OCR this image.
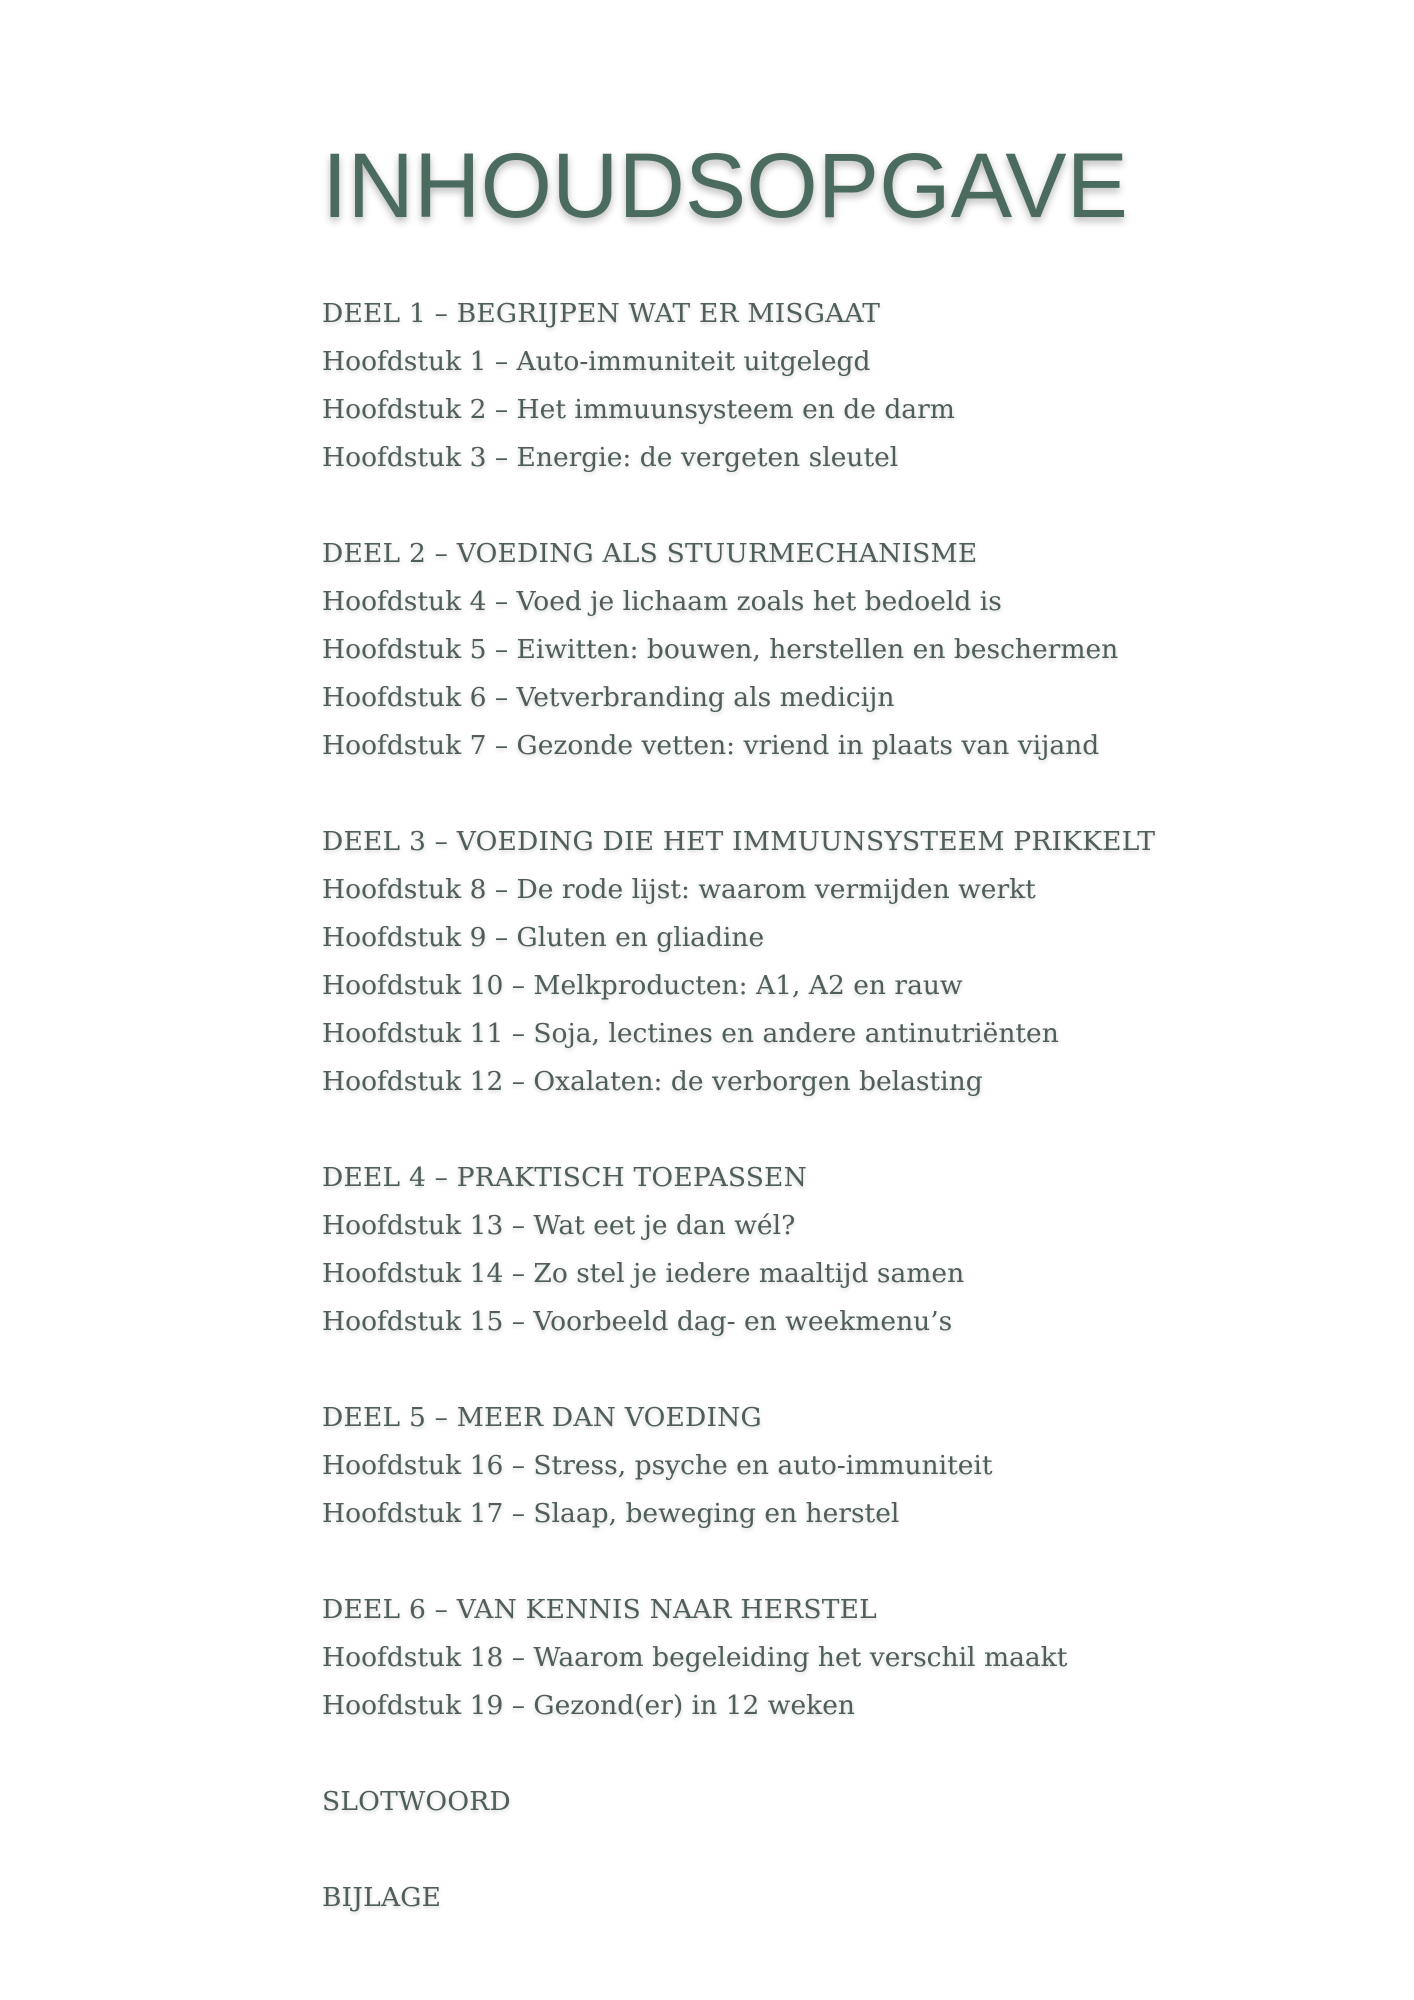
INHOUDSOPGAVE
DEEL 1 – BEGRIJPEN WAT ER MISGAAT
Hoofdstuk 1 – Auto-immuniteit uitgelegd
Hoofdstuk 2 – Het immuunsysteem en de darm
Hoofdstuk 3 – Energie: de vergeten sleutel
DEEL 2 – VOEDING ALS STUURMECHANISME
Hoofdstuk 4 – Voed je lichaam zoals het bedoeld is
Hoofdstuk 5 – Eiwitten: bouwen, herstellen en beschermen
Hoofdstuk 6 – Vetverbranding als medicijn
Hoofdstuk 7 – Gezonde vetten: vriend in plaats van vijand
DEEL 3 – VOEDING DIE HET IMMUUNSYSTEEM PRIKKELT
Hoofdstuk 8 – De rode lijst: waarom vermijden werkt
Hoofdstuk 9 – Gluten en gliadine
Hoofdstuk 10 – Melkproducten: A1, A2 en rauw
Hoofdstuk 11 – Soja, lectines en andere antinutriënten
Hoofdstuk 12 – Oxalaten: de verborgen belasting
DEEL 4 – PRAKTISCH TOEPASSEN
Hoofdstuk 13 – Wat eet je dan wél?
Hoofdstuk 14 – Zo stel je iedere maaltijd samen
Hoofdstuk 15 – Voorbeeld dag- en weekmenu’s
DEEL 5 – MEER DAN VOEDING
Hoofdstuk 16 – Stress, psyche en auto-immuniteit
Hoofdstuk 17 – Slaap, beweging en herstel
DEEL 6 – VAN KENNIS NAAR HERSTEL
Hoofdstuk 18 – Waarom begeleiding het verschil maakt
Hoofdstuk 19 – Gezond(er) in 12 weken
SLOTWOORD
BIJLAGE
